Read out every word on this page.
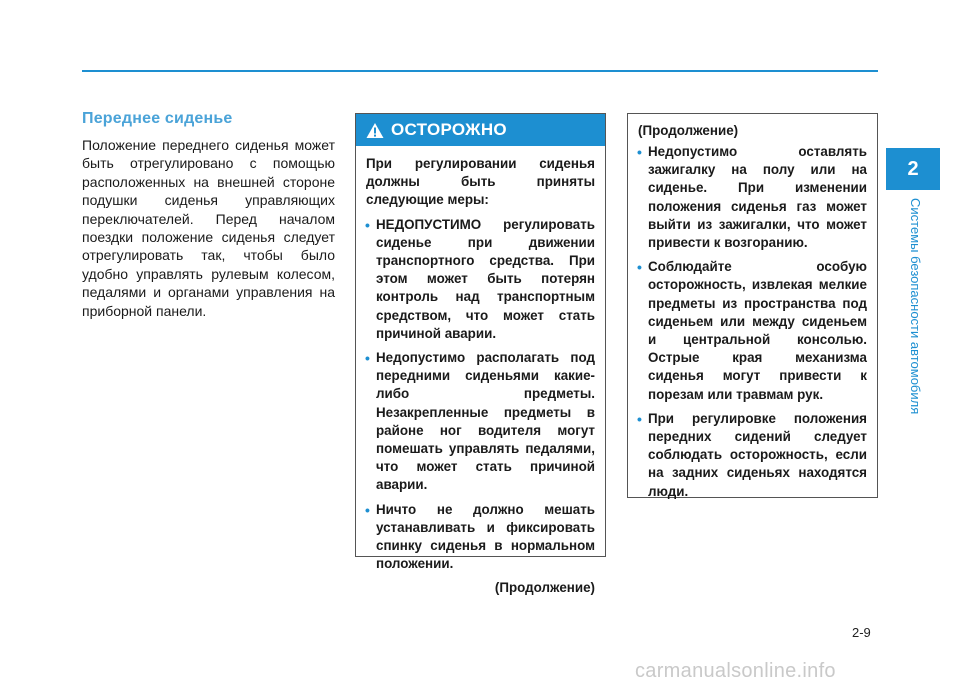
Переднее сиденье

Положение переднего сиденья может быть отрегулировано с помощью расположенных на внешней стороне подушки сиденья управляющих переключателей. Перед началом поездки положение сиденья следует отрегулировать так, чтобы было удобно управлять рулевым колесом, педалями и органами управления на приборной панели.

ОСТОРОЖНО

При регулировании сиденья должны быть приняты следующие меры:

• НЕДОПУСТИМО регулировать сиденье при движении транспортного средства. При этом может быть потерян контроль над транспортным средством, что может стать причиной аварии.
• Недопустимо располагать под передними сиденьями какие-либо предметы. Незакрепленные предметы в районе ног водителя могут помешать управлять педалями, что может стать причиной аварии.
• Ничто не должно мешать устанавливать и фиксировать спинку сиденья в нормальном положении.

(Продолжение)

(Продолжение)

• Недопустимо оставлять зажигалку на полу или на сиденье. При изменении положения сиденья газ может выйти из зажигалки, что может привести к возгоранию.
• Соблюдайте особую осторожность, извлекая мелкие предметы из пространства под сиденьем или между сиденьем и центральной консолью. Острые края механизма сиденья могут привести к порезам или травмам рук.
• При регулировке положения передних сидений следует соблюдать осторожность, если на задних сиденьях находятся люди.
2
Системы безопасности автомобиля
2-9
carmanualsonline.info
